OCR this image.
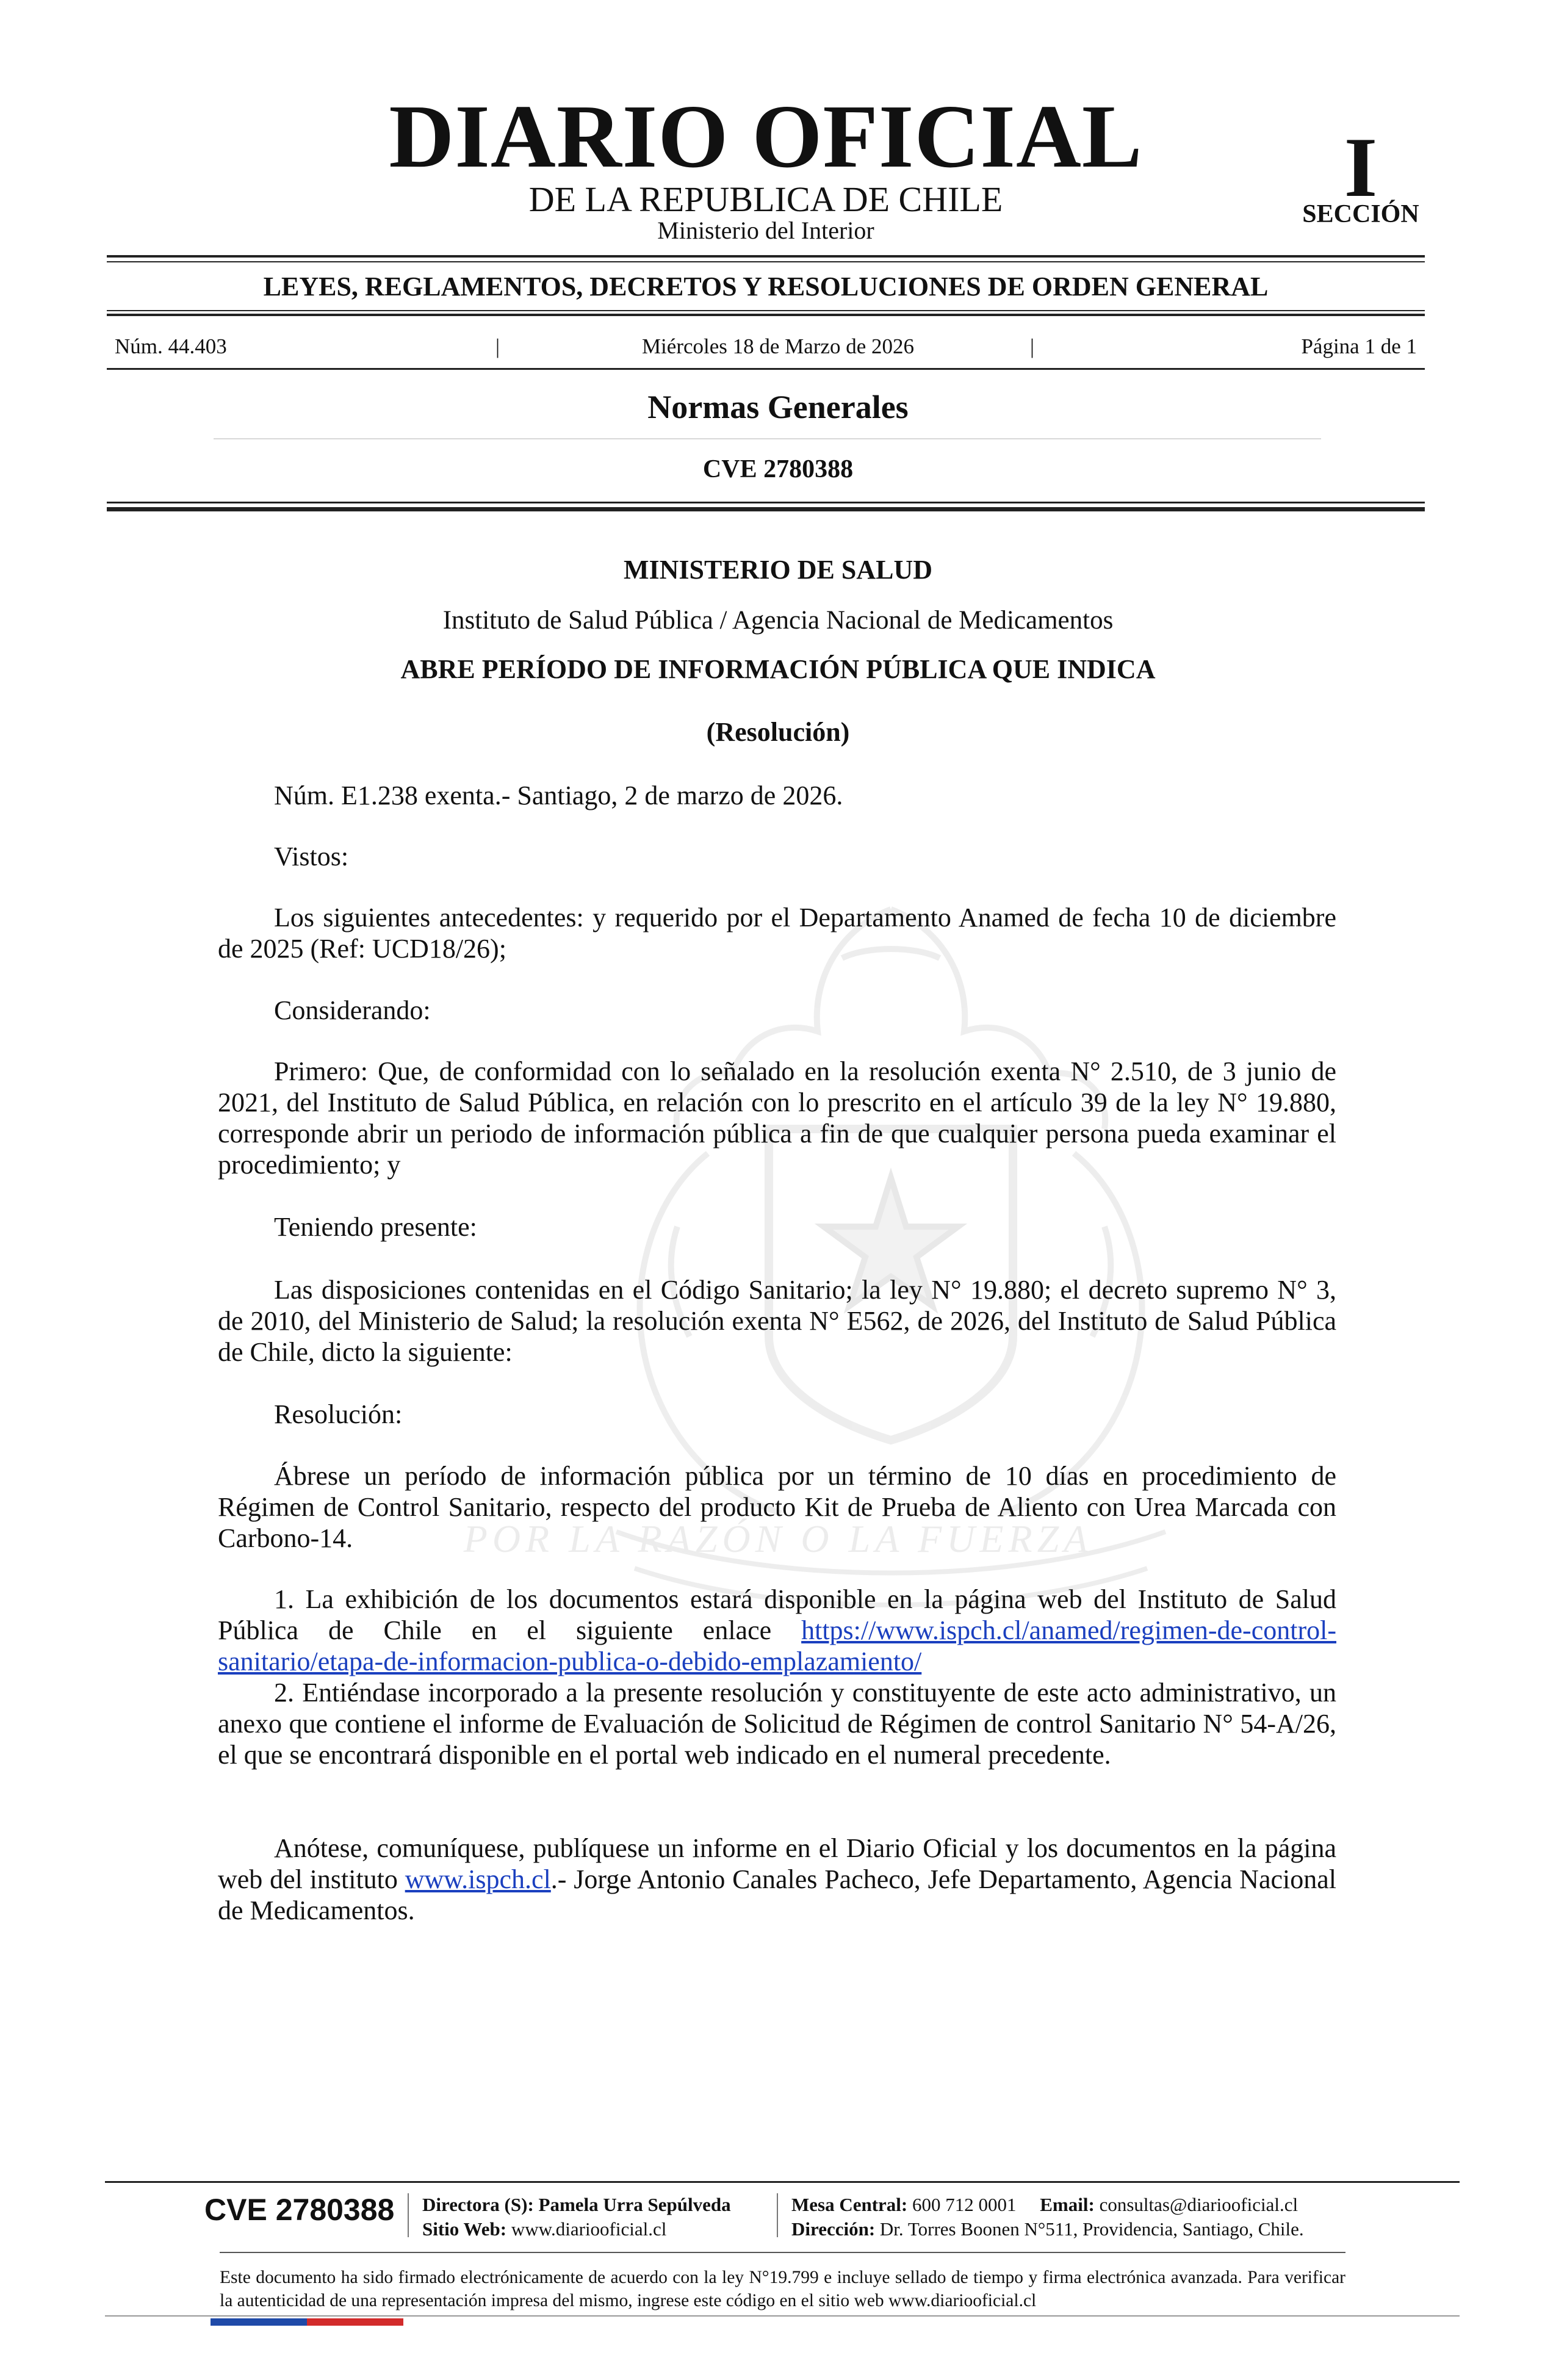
DIARIO OFICIAL
DE LA REPUBLICA DE CHILE
Ministerio del Interior
I
SECCIÓN
LEYES, REGLAMENTOS, DECRETOS Y RESOLUCIONES DE ORDEN GENERAL
Núm. 44.403	|	Miércoles 18 de Marzo de 2026	|	Página 1 de 1
Normas Generales
CVE 2780388
POR LA RAZÓN O LA FUERZA
MINISTERIO DE SALUD
Instituto de Salud Pública / Agencia Nacional de Medicamentos
ABRE PERÍODO DE INFORMACIÓN PÚBLICA QUE INDICA
(Resolución)
Núm. E1.238 exenta.- Santiago, 2 de marzo de 2026.
Vistos:
Los siguientes antecedentes: y requerido por el Departamento Anamed de fecha 10 de diciembre de 2025 (Ref: UCD18/26);
Considerando:
Primero: Que, de conformidad con lo señalado en la resolución exenta N° 2.510, de 3 junio de 2021, del Instituto de Salud Pública, en relación con lo prescrito en el artículo 39 de la ley N° 19.880, corresponde abrir un periodo de información pública a fin de que cualquier persona pueda examinar el procedimiento; y
Teniendo presente:
Las disposiciones contenidas en el Código Sanitario; la ley N° 19.880; el decreto supremo N° 3, de 2010, del Ministerio de Salud; la resolución exenta N° E562, de 2026, del Instituto de Salud Pública de Chile, dicto la siguiente:
Resolución:
Ábrese un período de información pública por un término de 10 días en procedimiento de Régimen de Control Sanitario, respecto del producto Kit de Prueba de Aliento con Urea Marcada con Carbono-14.
1. La exhibición de los documentos estará disponible en la página web del Instituto de Salud Pública de Chile en el siguiente enlace https://www.ispch.cl/anamed/regimen-de-control-sanitario/etapa-de-informacion-publica-o-debido-emplazamiento/
2. Entiéndase incorporado a la presente resolución y constituyente de este acto administrativo, un anexo que contiene el informe de Evaluación de Solicitud de Régimen de control Sanitario N° 54-A/26, el que se encontrará disponible en el portal web indicado en el numeral precedente.
Anótese, comuníquese, publíquese un informe en el Diario Oficial y los documentos en la página web del instituto www.ispch.cl.- Jorge Antonio Canales Pacheco, Jefe Departamento, Agencia Nacional de Medicamentos.
CVE 2780388 Directora (S): Pamela Urra Sepúlveda
Sitio Web: www.diariooficial.cl
Mesa Central: 600 712 0001 Email: consultas@diariooficial.cl
Dirección: Dr. Torres Boonen N°511, Providencia, Santiago, Chile.
Este documento ha sido firmado electrónicamente de acuerdo con la ley N°19.799 e incluye sellado de tiempo y firma electrónica avanzada. Para verificar la autenticidad de una representación impresa del mismo, ingrese este código en el sitio web www.diariooficial.cl
